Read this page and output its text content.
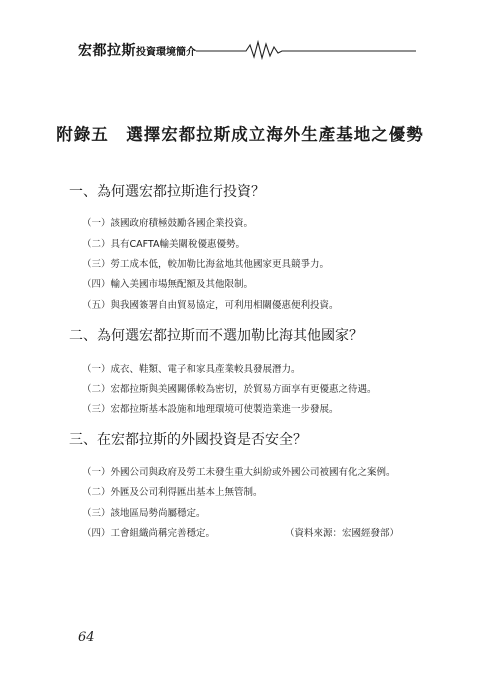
宏都拉斯投資環境簡介
附錄五　選擇宏都拉斯成立海外生產基地之優勢
一、為何選宏都拉斯進行投資？
（一）該國政府積極鼓勵各國企業投資。
（二）具有CAFTA輸美關稅優惠優勢。
（三）勞工成本低，較加勒比海盆地其他國家更具競爭力。
（四）輸入美國市場無配額及其他限制。
（五）與我國簽署自由貿易協定，可利用相關優惠便利投資。
二、為何選宏都拉斯而不選加勒比海其他國家？
（一）成衣、鞋類、電子和家具產業較具發展潛力。
（二）宏都拉斯與美國關係較為密切，於貿易方面享有更優惠之待遇。
（三）宏都拉斯基本設施和地理環境可使製造業進一步發展。
三、在宏都拉斯的外國投資是否安全？
（一）外國公司與政府及勞工未發生重大糾紛或外國公司被國有化之案例。
（二）外匯及公司利得匯出基本上無管制。
（三）該地區局勢尚屬穩定。
（四）工會組織尚稱完善穩定。	（資料來源：宏國經發部）
64
